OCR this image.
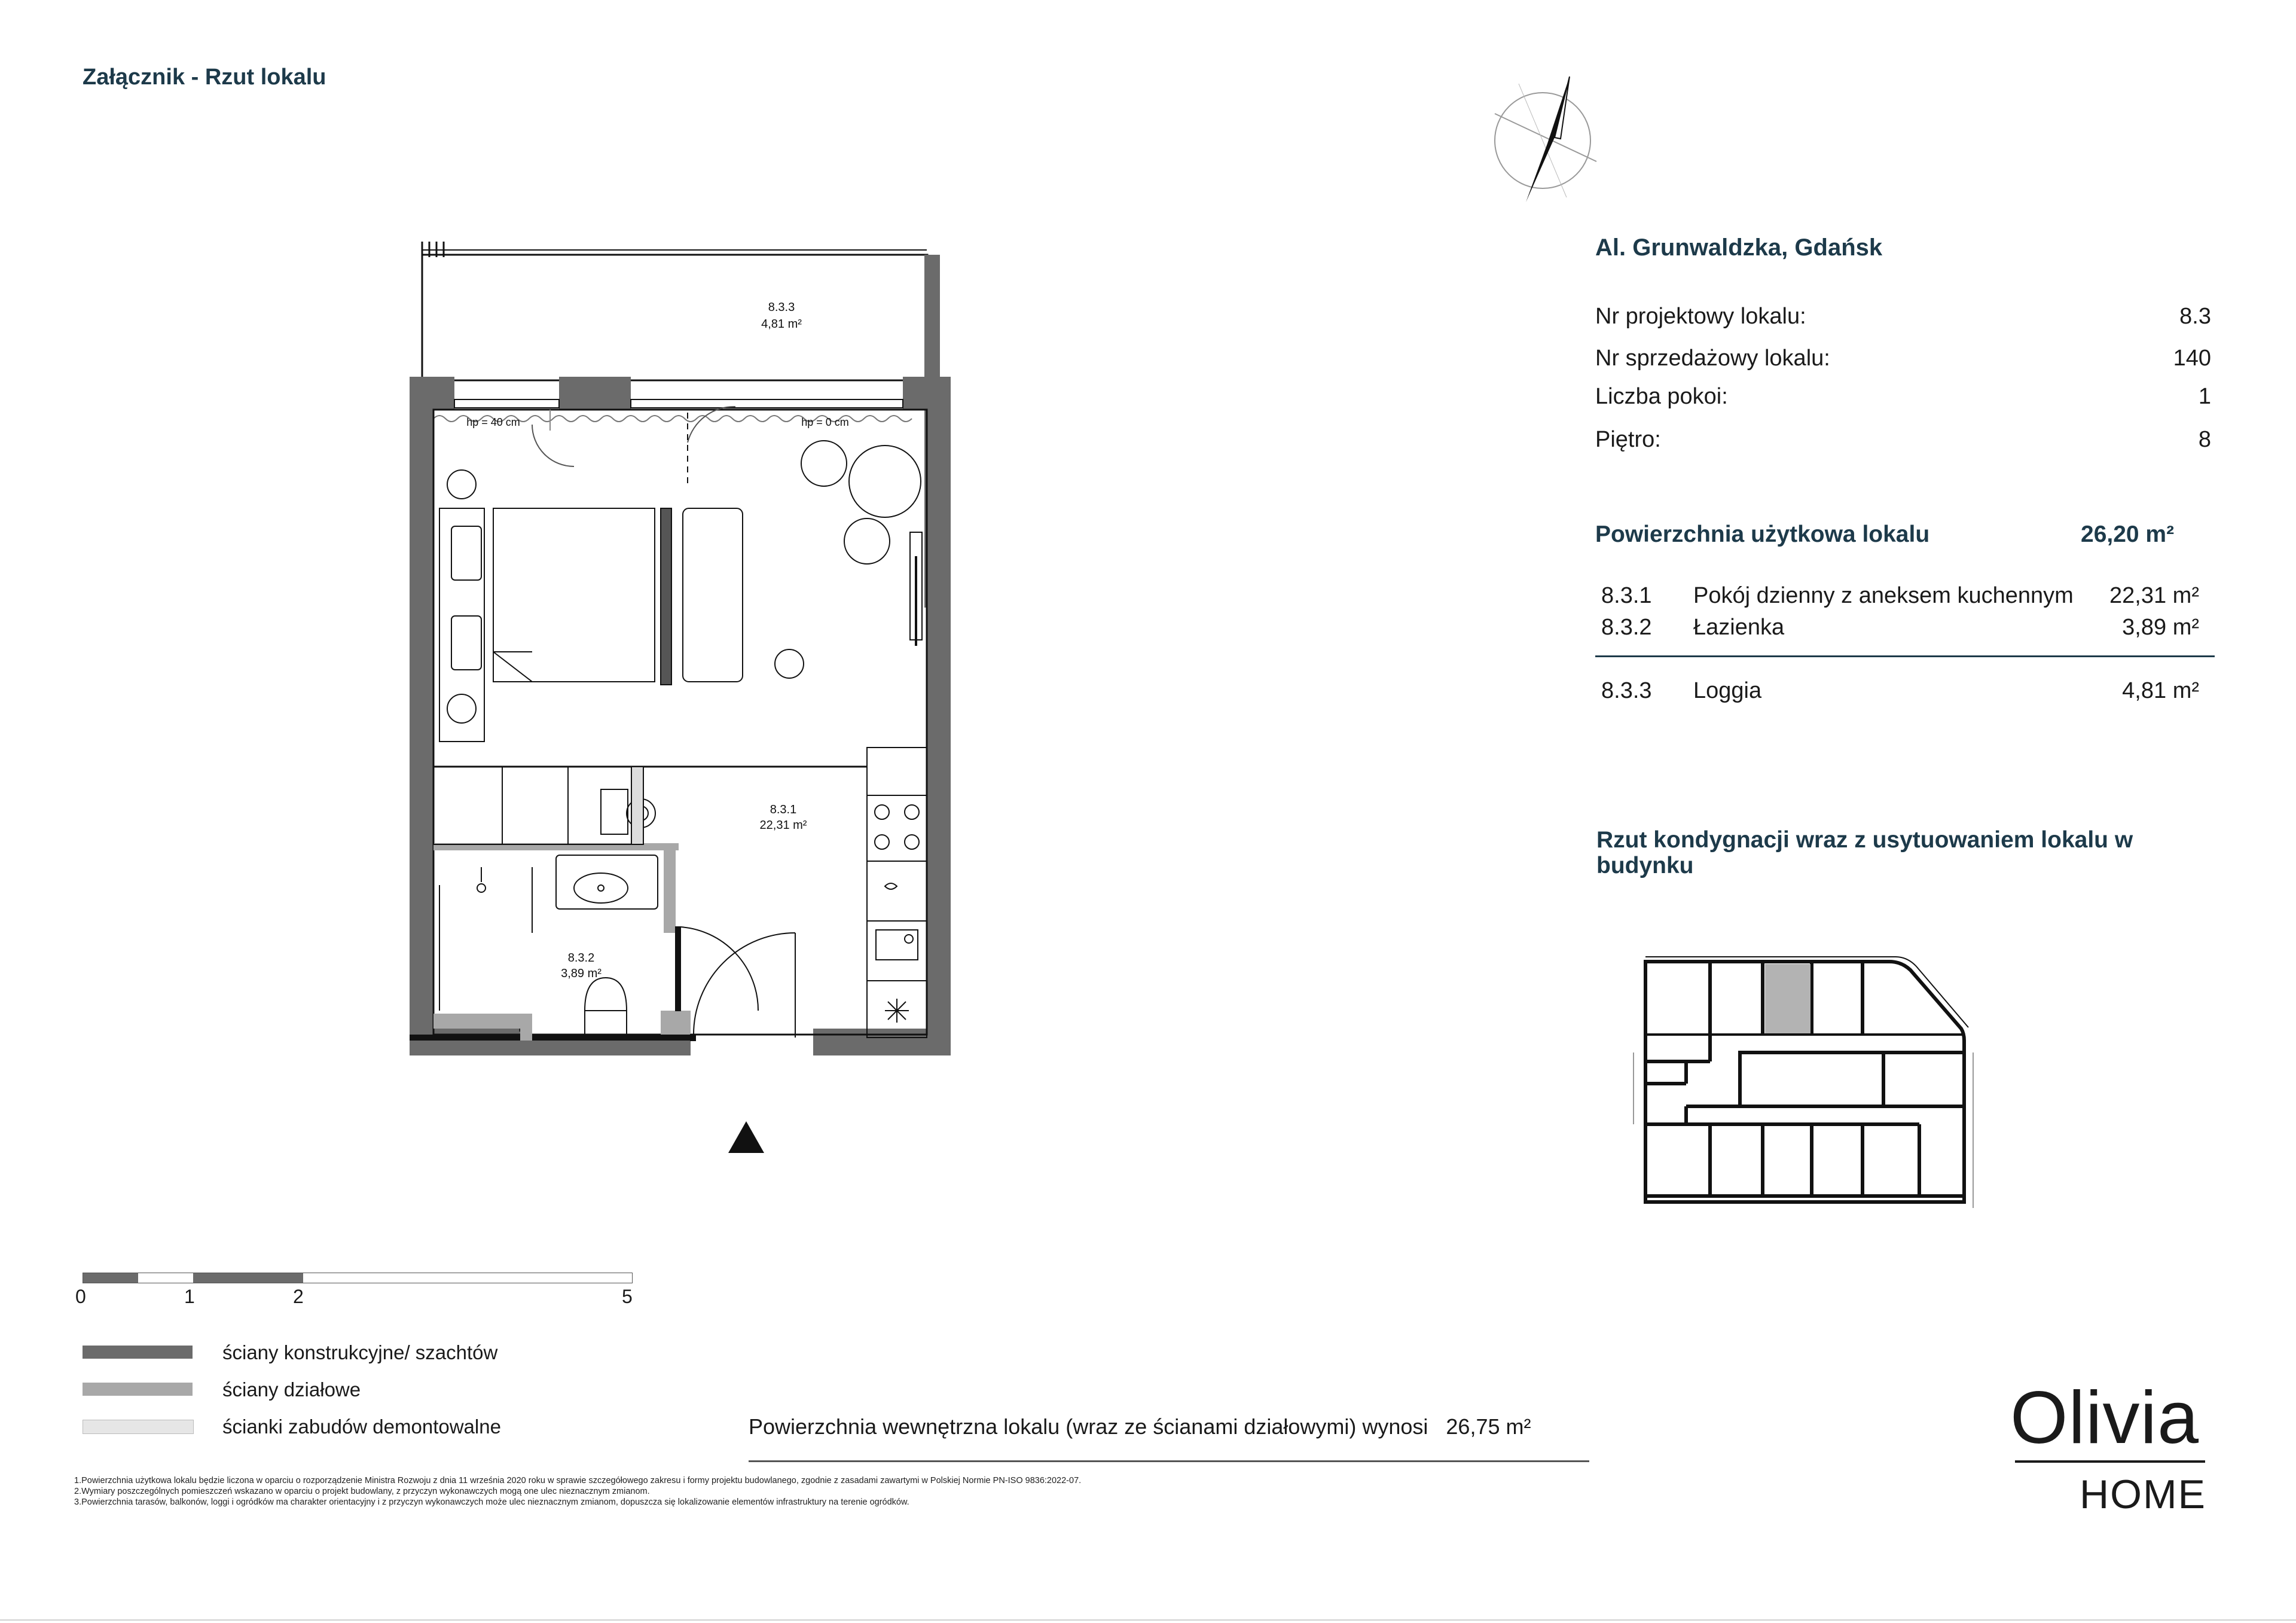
Załącznik - Rzut lokalu
Al. Grunwaldzka, Gdańsk
Nr projektowy lokalu:	8.3
Nr sprzedażowy lokalu:	140
Liczba pokoi:	1
Piętro:	8
Powierzchnia użytkowa lokalu	26,20 m²
8.3.1	Pokój dzienny z aneksem kuchennym	22,31 m²
8.3.2	Łazienka	3,89 m²
8.3.3	Loggia	4,81 m²
Rzut kondygnacji wraz z usytuowaniem lokalu w budynku
8.3.3
4,81 m²
8.3.1
22,31 m²
8.3.2
3,89 m²
hp = 40 cm	hp = 0 cm
0	1	2	5
ściany konstrukcyjne/ szachtów
ściany działowe
ścianki zabudów demontowalne	Powierzchnia wewnętrzna lokalu (wraz ze ścianami działowymi) wynosi   26,75 m²
1.Powierzchnia użytkowa lokalu będzie liczona w oparciu o rozporządzenie Ministra Rozwoju z dnia 11 września 2020 roku w sprawie szczegółowego zakresu i formy projektu budowlanego, zgodnie z zasadami zawartymi w Polskiej Normie PN-ISO 9836:2022-07.
2.Wymiary poszczególnych pomieszczeń wskazano w oparciu o projekt budowlany, z przyczyn wykonawczych mogą one ulec nieznacznym zmianom.
3.Powierzchnia tarasów, balkonów, loggi i ogródków ma charakter orientacyjny i z przyczyn wykonawczych może ulec nieznacznym zmianom, dopuszcza się lokalizowanie elementów infrastruktury na terenie ogródków.
Olivia
HOME
